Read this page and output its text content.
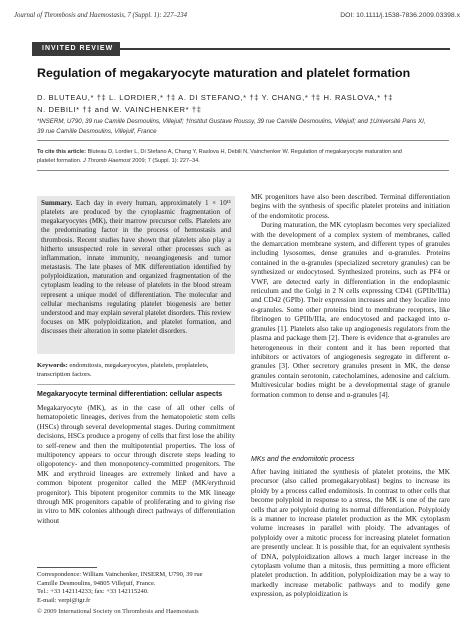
Journal of Thrombosis and Haemostasis, 7 (Suppl. 1): 227–234	DOI: 10.1111/j.1538-7836.2009.03398.x
INVITED REVIEW
Regulation of megakaryocyte maturation and platelet formation
D. BLUTEAU,* †‡ L. LORDIER,* †‡ A. DI STEFANO,* †‡ Y. CHANG,* †‡ H. RASLOVA,* †‡
N. DEBILI* †‡ and W. VAINCHENKER* †‡
*INSERM, U790, 39 rue Camille Desmoulins, Villejuif; †Institut Gustave Roussy, 39 rue Camille Desmoulins, Villejuif; and ‡Université Paris XI,
39 rue Camille Desmoulins, Villejuif, France
To cite this article: Bluteau D, Lordier L, Di Stefano A, Chang Y, Raslova H, Debili N, Vainchenker W. Regulation of megakaryocyte maturation and
platelet formation. J Thromb Haemost 2009; 7 (Suppl. 1): 227–34.
Summary. Each day in every human, approximately 1 × 10¹¹ platelets are produced by the cytoplasmic fragmentation of megakaryocytes (MK), their marrow precursor cells. Platelets are the predominating factor in the process of hemostasis and thrombosis. Recent studies have shown that platelets also play a hitherto unsuspected role in several other processes such as inflammation, innate immunity, neoangiogenesis and tumor metastasis. The late phases of MK differentiation identified by polyploidization, maturation and organized fragmentation of the cytoplasm leading to the release of platelets in the blood stream represent a unique model of differentiation. The molecular and cellular mechanisms regulating platelet biogenesis are better understood and may explain several platelet disorders. This review focuses on MK polyploidization, and platelet formation, and discusses their alteration in some platelet disorders.
Keywords: endomitosis, megakaryocytes, platelets, proplatelets, transcription factors.
Megakaryocyte terminal differentiation: cellular aspects

Megakaryocyte (MK), as in the case of all other cells of hematopoietic lineages, derives from the hematopoietic stem cells (HSCs) through several developmental stages. During commitment decisions, HSCs produce a progeny of cells that first lose the ability to self-renew and then the multipotential properties. The loss of multipotency appears to occur through discrete steps leading to oligopotency- and then monopotency-committed progenitors. The MK and erythroid lineages are extremely linked and have a common bipotent progenitor called the MEP (MK/erythroid progenitor). This bipotent progenitor commits to the MK lineage through MK progenitors capable of proliferating and to giving rise in vitro to MK colonies although direct pathways of differentiation without

Correspondence: William Vainchenker, INSERM, U790, 39 rue
Camille Desmoulins, 94805 Villejuif, France.
Tel.: +33 142114233; fax: +33 142115240.
E-mail: verpi@igr.fr
© 2009 International Society on Thrombosis and Haemostasis

MK progenitors have also been described. Terminal differentiation begins with the synthesis of specific platelet proteins and initiation of the endomitotic process.

During maturation, the MK cytoplasm becomes very specialized with the development of a complex system of membranes, called the demarcation membrane system, and different types of granules including lysosomes, dense granules and α-granules. Proteins contained in the α-granules (specialized secretory granules) can be synthesized or endocytosed. Synthesized proteins, such as PF4 or VWF, are detected early in differentiation in the endoplasmic reticulum and the Golgi in 2 N cells expressing CD41 (GPIIb/IIIa) and CD42 (GPIb). Their expression increases and they localize into α-granules. Some other proteins bind to membrane receptors, like fibrinogen to GPIIb/IIIa, are endocytosed and packaged into α-granules [1]. Platelets also take up angiogenesis regulators from the plasma and package them [2]. There is evidence that α-granules are heterogeneous in their content and it has been reported that inhibitors or activators of angiogenesis segregate in different α-granules [3]. Other secretory granules present in MK, the dense granules contain serotonin, catecholamines, adenosine and calcium. Multivesicular bodies might be a developmental stage of granule formation common to dense and α-granules [4].

MKs and the endomitotic process

After having initiated the synthesis of platelet proteins, the MK precursor (also called promegakaryoblast) begins to increase its ploidy by a process called endomitosis. In contrast to other cells that become polyploid in response to a stress, the MK is one of the rare cells that are polyploid during its normal differentiation. Polyploidy is a manner to increase platelet production as the MK cytoplasm volume increases in parallel with ploidy. The advantages of polyploidy over a mitotic process for increasing platelet formation are presently unclear. It is possible that, for an equivalent synthesis of DNA, polyploidization allows a much larger increase in the cytoplasm volume than a mitosis, thus permitting a more efficient platelet production. In addition, polyploidization may be a way to markedly increase metabolic pathways and to modify gene expression, as polyploidization is
